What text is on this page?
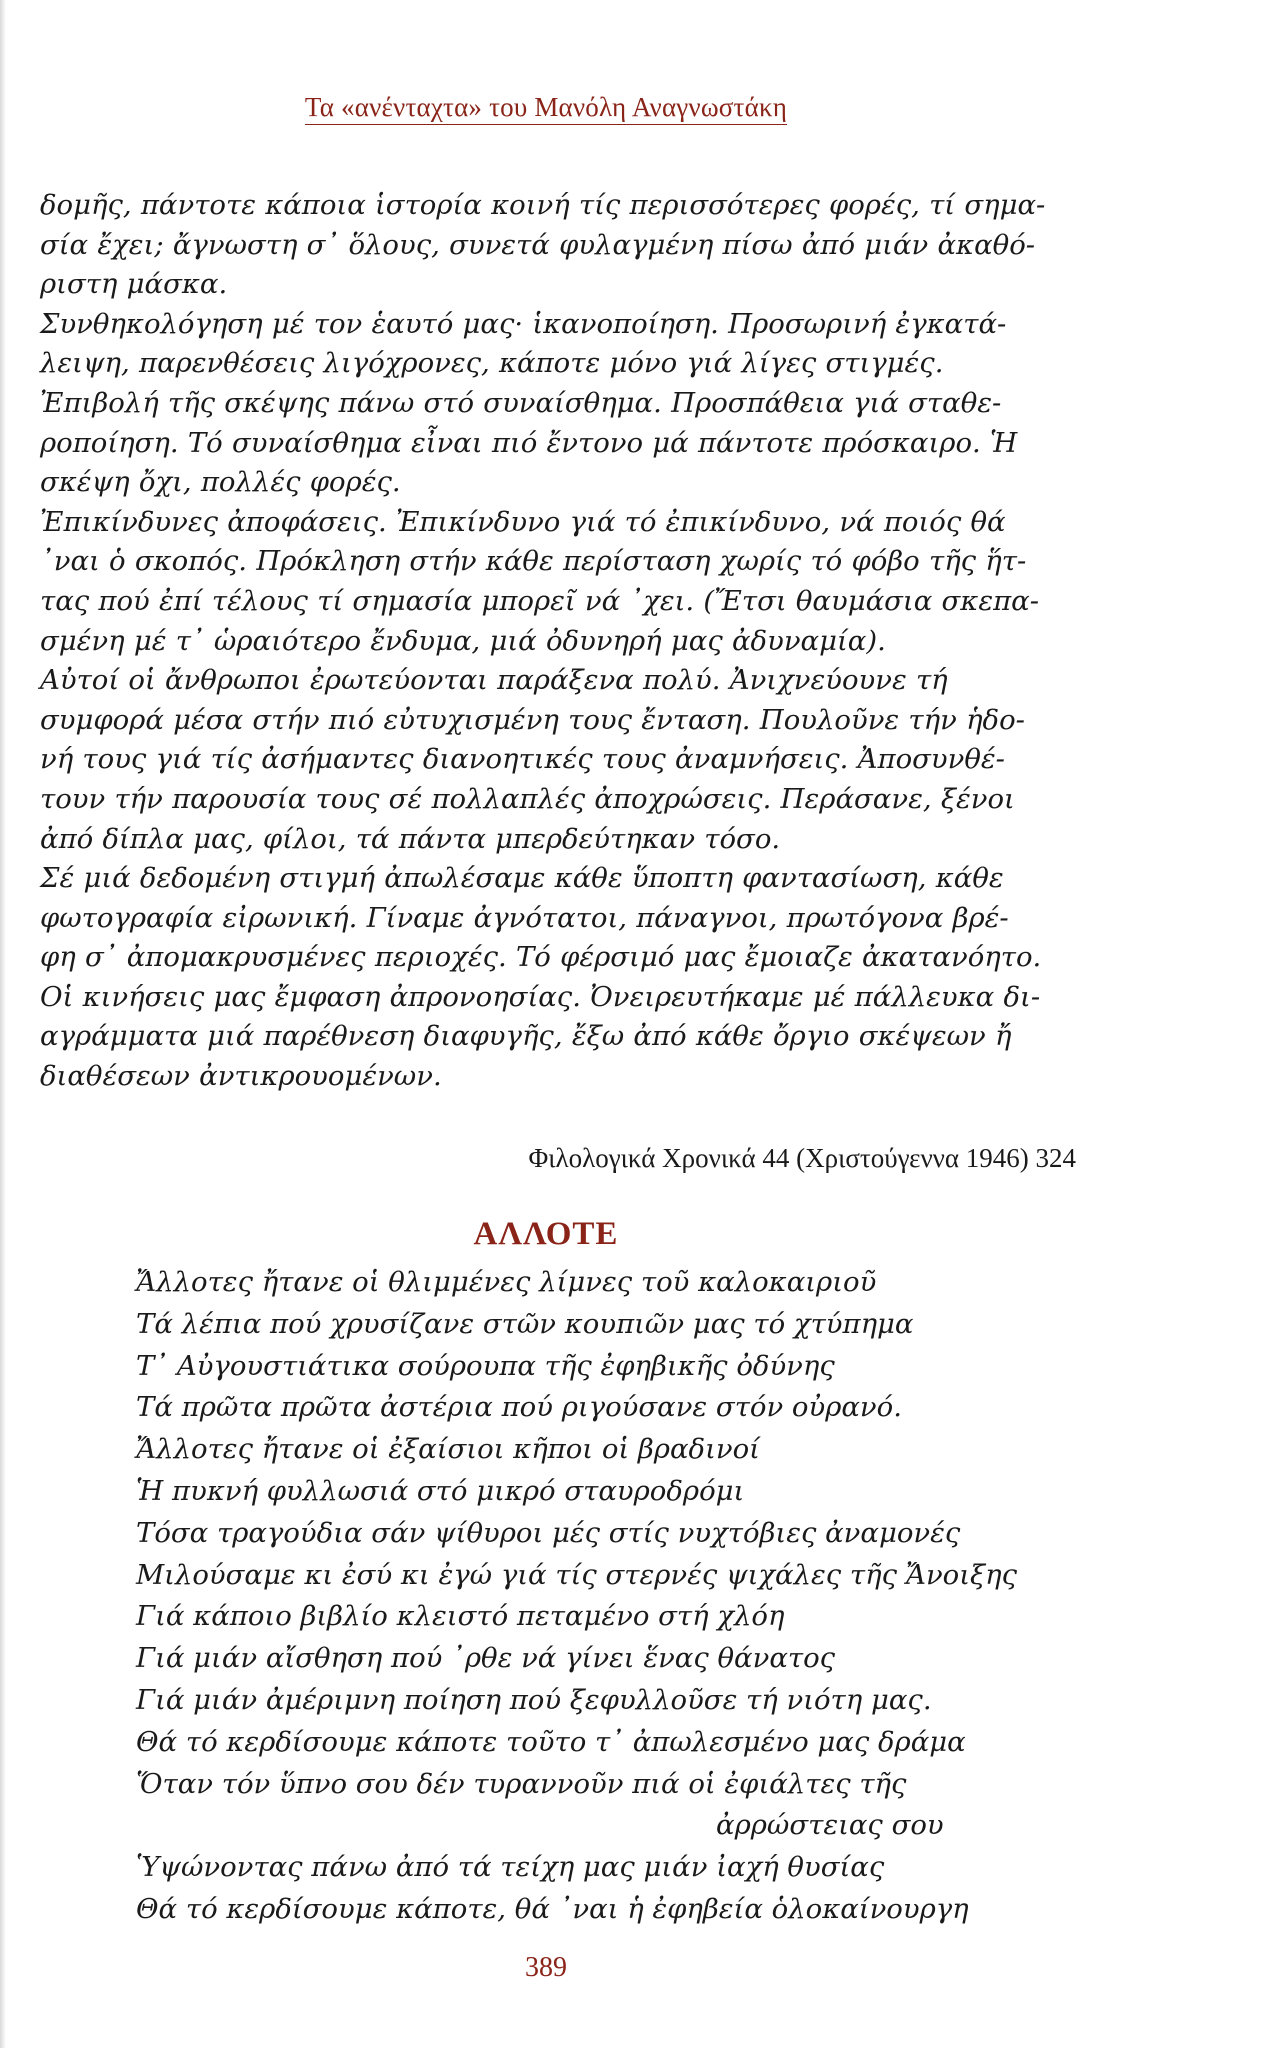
Τα «ανένταχτα» του Μανόλη Αναγνωστάκη
δομῆς, πάντοτε κάποια ἱστορία κοινή τίς περισσότερες φορές, τί σημα-
σία ἔχει; ἄγνωστη σ᾽ ὅλους, συνετά φυλαγμένη πίσω ἀπό μιάν ἀκαθό-
ριστη μάσκα.
Συνθηκολόγηση μέ τον ἑαυτό μας· ἱκανοποίηση. Προσωρινή ἐγκατά-
λειψη, παρενθέσεις λιγόχρονες, κάποτε μόνο γιά λίγες στιγμές.
Ἐπιβολή τῆς σκέψης πάνω στό συναίσθημα. Προσπάθεια γιά σταθε-
ροποίηση. Τό συναίσθημα εἶναι πιό ἔντονο μά πάντοτε πρόσκαιρο. Ἡ
σκέψη ὄχι, πολλές φορές.
Ἐπικίνδυνες ἀποφάσεις. Ἐπικίνδυνο γιά τό ἐπικίνδυνο, νά ποιός θά
᾽ναι ὁ σκοπός. Πρόκληση στήν κάθε περίσταση χωρίς τό φόβο τῆς ἥτ-
τας πού ἐπί τέλους τί σημασία μπορεῖ νά ᾽χει. (Ἔτσι θαυμάσια σκεπα-
σμένη μέ τ᾽ ὡραιότερο ἔνδυμα, μιά ὀδυνηρή μας ἀδυναμία).
Αὐτοί οἱ ἄνθρωποι ἐρωτεύονται παράξενα πολύ. Ἀνιχνεύουνε τή
συμφορά μέσα στήν πιό εὐτυχισμένη τους ἔνταση. Πουλοῦνε τήν ἡδο-
νή τους γιά τίς ἀσήμαντες διανοητικές τους ἀναμνήσεις. Ἀποσυνθέ-
τουν τήν παρουσία τους σέ πολλαπλές ἀποχρώσεις. Περάσανε, ξένοι
ἀπό δίπλα μας, φίλοι, τά πάντα μπερδεύτηκαν τόσο.
Σέ μιά δεδομένη στιγμή ἀπωλέσαμε κάθε ὕποπτη φαντασίωση, κάθε
φωτογραφία εἰρωνική. Γίναμε ἀγνότατοι, πάναγνοι, πρωτόγονα βρέ-
φη σ᾽ ἀπομακρυσμένες περιοχές. Τό φέρσιμό μας ἔμοιαζε ἀκατανόητο.
Οἱ κινήσεις μας ἔμφαση ἀπρονοησίας. Ὀνειρευτήκαμε μέ πάλλευκα δι-
αγράμματα μιά παρέθνεση διαφυγῆς, ἔξω ἀπό κάθε ὄργιο σκέψεων ἤ
διαθέσεων ἀντικρουομένων.
Φιλολογικά Χρονικά 44 (Χριστούγεννα 1946) 324
ΑΛΛΟΤΕ
Ἄλλοτες ἤτανε οἱ θλιμμένες λίμνες τοῦ καλοκαιριοῦ
Τά λέπια πού χρυσίζανε στῶν κουπιῶν μας τό χτύπημα
Τ᾽ Αὐγουστιάτικα σούρουπα τῆς ἐφηβικῆς ὀδύνης
Τά πρῶτα πρῶτα ἀστέρια πού ριγούσανε στόν οὐρανό.
Ἄλλοτες ἤτανε οἱ ἐξαίσιοι κῆποι οἱ βραδινοί
Ἡ πυκνή φυλλωσιά στό μικρό σταυροδρόμι
Τόσα τραγούδια σάν ψίθυροι μές στίς νυχτόβιες ἀναμονές
Μιλούσαμε κι ἐσύ κι ἐγώ γιά τίς στερνές ψιχάλες τῆς Ἄνοιξης
Γιά κάποιο βιβλίο κλειστό πεταμένο στή χλόη
Γιά μιάν αἴσθηση πού ᾽ρθε νά γίνει ἕνας θάνατος
Γιά μιάν ἀμέριμνη ποίηση πού ξεφυλλοῦσε τή νιότη μας.
Θά τό κερδίσουμε κάποτε τοῦτο τ᾽ ἀπωλεσμένο μας δράμα
Ὅταν τόν ὕπνο σου δέν τυραννοῦν πιά οἱ ἐφιάλτες τῆς
ἀρρώστειας σου
Ὑψώνοντας πάνω ἀπό τά τείχη μας μιάν ἰαχή θυσίας
Θά τό κερδίσουμε κάποτε, θά ᾽ναι ἡ ἐφηβεία ὁλοκαίνουργη
389
